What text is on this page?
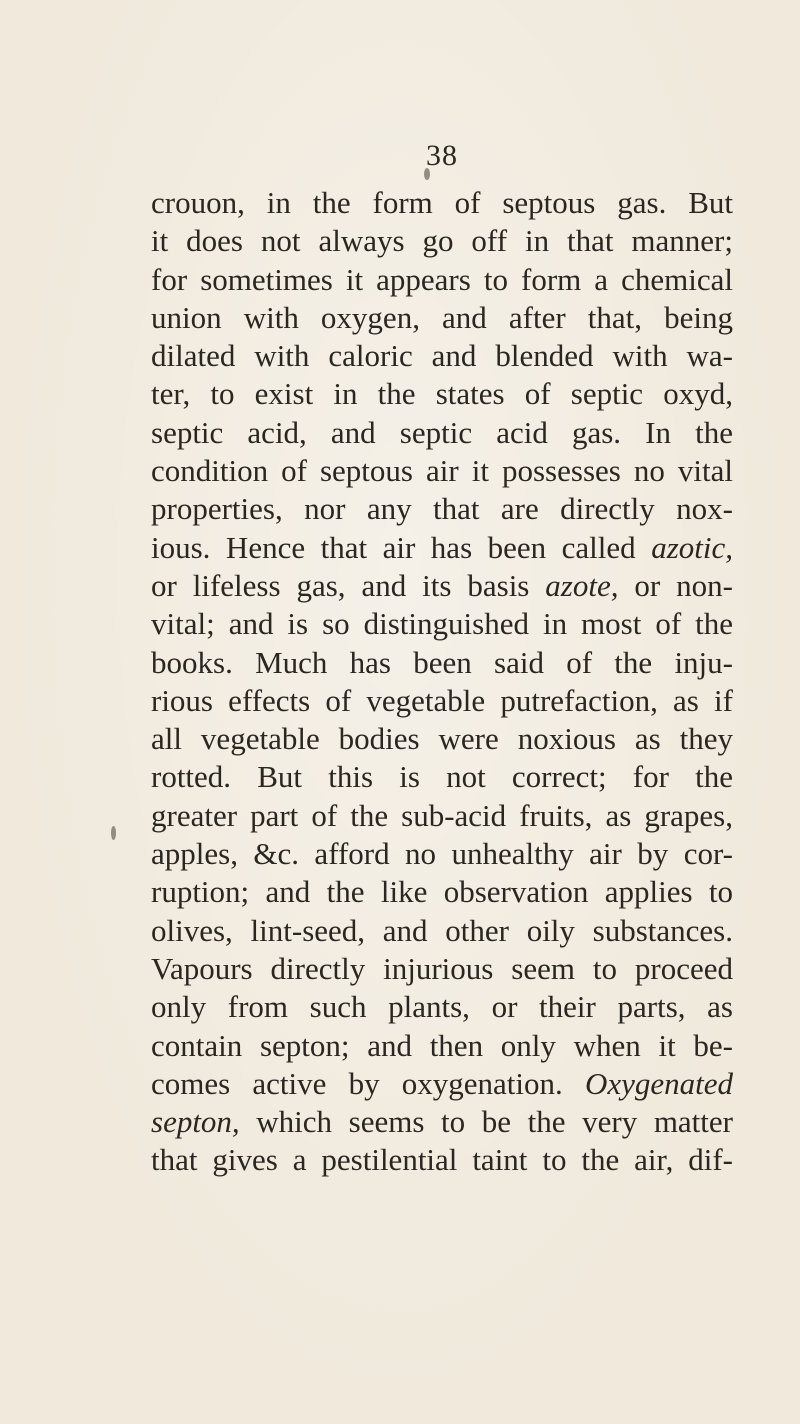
38
crouon, in the form of septous gas. But
it does not always go off in that manner;
for sometimes it appears to form a chemical
union with oxygen, and after that, being
dilated with caloric and blended with wa-
ter, to exist in the states of septic oxyd,
septic acid, and septic acid gas. In the
condition of septous air it possesses no vital
properties, nor any that are directly nox-
ious. Hence that air has been called azotic,
or lifeless gas, and its basis azote, or non-
vital; and is so distinguished in most of the
books. Much has been said of the inju-
rious effects of vegetable putrefaction, as if
all vegetable bodies were noxious as they
rotted. But this is not correct; for the
greater part of the sub-acid fruits, as grapes,
apples, &c. afford no unhealthy air by cor-
ruption; and the like observation applies to
olives, lint-seed, and other oily substances.
Vapours directly injurious seem to proceed
only from such plants, or their parts, as
contain septon; and then only when it be-
comes active by oxygenation. Oxygenated
septon, which seems to be the very matter
that gives a pestilential taint to the air, dif-
